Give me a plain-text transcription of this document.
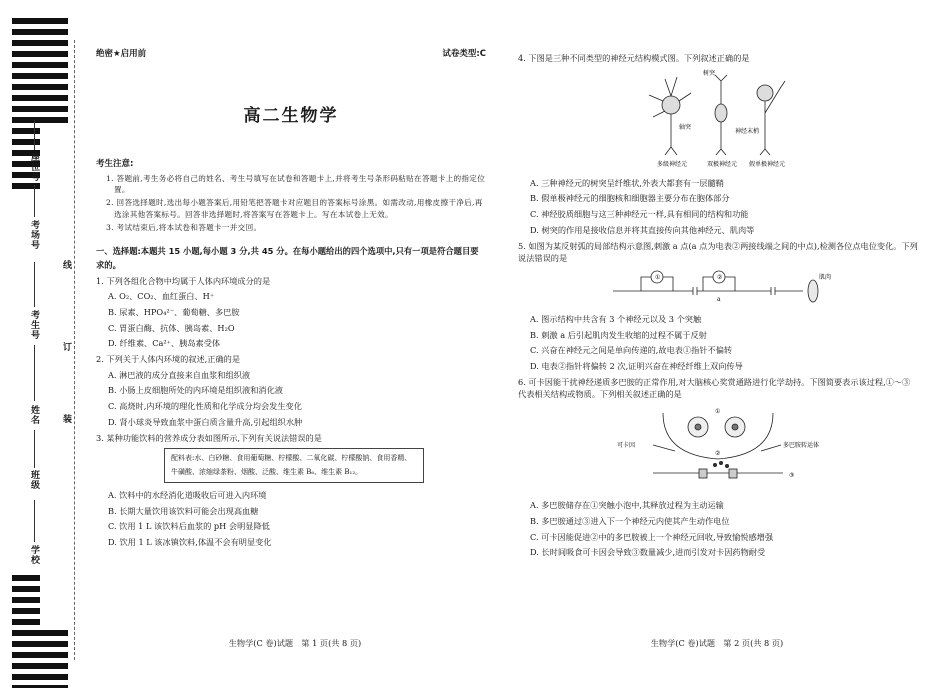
座位号
考场号
考生号
姓名
班级
学校
线
订
装
绝密★启用前	试卷类型:C
高二生物学
考生注意:
1. 答题前,考生务必将自己的姓名、考生号填写在试卷和答题卡上,并将考生号条形码粘贴在答题卡上的指定位置。
2. 回答选择题时,选出每小题答案后,用铅笔把答题卡对应题目的答案标号涂黑。如需改动,用橡皮擦干净后,再选涂其他答案标号。回答非选择题时,将答案写在答题卡上。写在本试卷上无效。
3. 考试结束后,将本试卷和答题卡一并交回。
一、选择题:本题共 15 小题,每小题 3 分,共 45 分。在每小题给出的四个选项中,只有一项是符合题目要求的。
1. 下列各组化合物中均属于人体内环境成分的是
A. O₂、CO₂、血红蛋白、H⁺
B. 尿素、HPO₄²⁻、葡萄糖、多巴胺
C. 胃蛋白酶、抗体、胰岛素、H₂O
D. 纤维素、Ca²⁺、胰岛素受体
2. 下列关于人体内环境的叙述,正确的是
A. 淋巴液的成分直接来自血浆和组织液
B. 小肠上皮细胞所处的内环境是组织液和消化液
C. 高烧时,内环境的理化性质和化学成分均会发生变化
D. 肾小球炎导致血浆中蛋白质含量升高,引起组织水肿
3. 某种功能饮料的营养成分表如图所示,下列有关说法错误的是
配料表:水、白砂糖、食用葡萄糖、柠檬酸、二氧化碳、柠檬酸钠、食用香精、牛磺酸、浓缩绿茶粉、烟酸、泛酸、维生素 B₆、维生素 B₁₂。
A. 饮料中的水经消化道吸收后可进入内环境
B. 长期大量饮用该饮料可能会出现高血糖
C. 饮用 1 L 该饮料后血浆的 pH 会明显降低
D. 饮用 1 L 该冰镇饮料,体温不会有明显变化
4. 下图是三种不同类型的神经元结构模式图。下列叙述正确的是
树突
轴突
神经末梢
多级神经元	双极神经元 假单极神经元
A. 三种神经元的树突呈纤维状,外表大都套有一层髓鞘
B. 假单极神经元的细胞核和细胞器主要分布在胞体部分
C. 神经胶质细胞与这三种神经元一样,具有相同的结构和功能
D. 树突的作用是接收信息并将其直接传向其他神经元、肌肉等
5. 如图为某反射弧的局部结构示意图,刺激 a 点(a 点为电表②两接线端之间的中点),检测各位点电位变化。下列说法错误的是
①	②
a
肌肉
A. 图示结构中共含有 3 个神经元以及 3 个突触
B. 刺激 a 后引起肌肉发生收缩的过程不属于反射
C. 兴奋在神经元之间是单向传递的,故电表①指针不偏转
D. 电表②指针将偏转 2 次,证明兴奋在神经纤维上双向传导
6. 可卡因能干扰神经递质多巴胺的正常作用,对大脑核心奖赏通路进行化学劫持。下图简要表示该过程,①～③代表相关结构或物质。下列相关叙述正确的是
①
②
③
可卡因	多巴胺转运体
A. 多巴胺储存在①突触小泡中,其释放过程为主动运输
B. 多巴胺通过③进入下一个神经元内使其产生动作电位
C. 可卡因能促进②中的多巴胺被上一个神经元回收,导致愉悦感增强
D. 长时间吸食可卡因会导致③数量减少,进而引发对卡因药物耐受
生物学(C 卷)试题　第 1 页(共 8 页)	生物学(C 卷)试题　第 2 页(共 8 页)
